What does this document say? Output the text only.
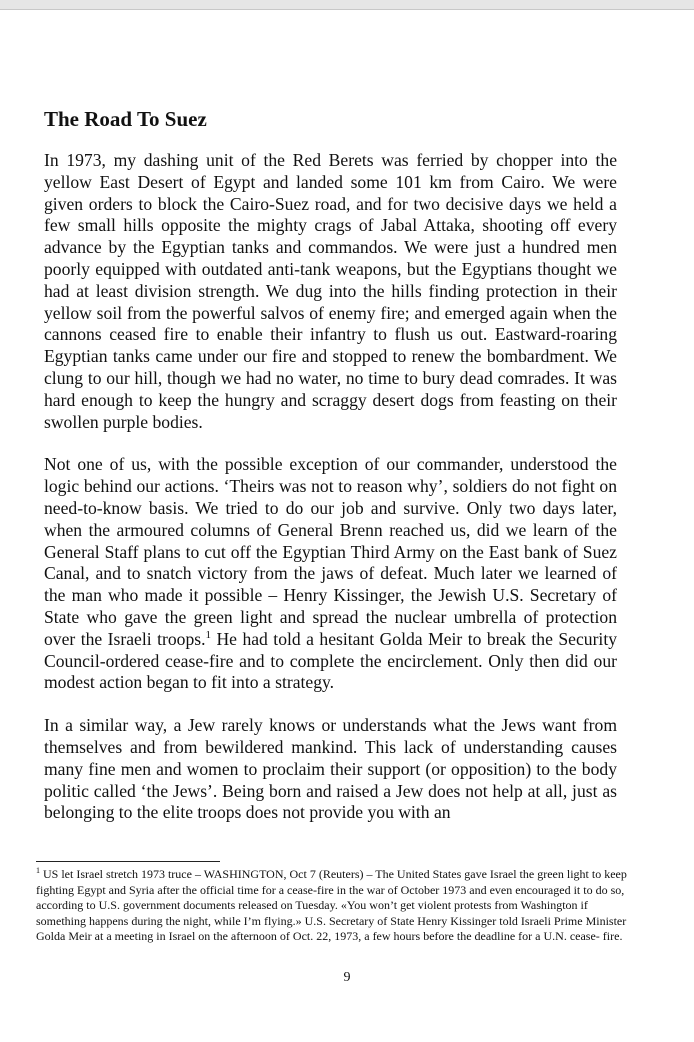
The Road To Suez

In 1973, my dashing unit of the Red Berets was ferried by chopper into the yellow East Desert of Egypt and landed some 101 km from Cairo. We were given orders to block the Cairo-Suez road, and for two decisive days we held a few small hills opposite the mighty crags of Jabal Attaka, shooting off every advance by the Egyptian tanks and commandos. We were just a hundred men poorly equipped with outdated anti-tank weapons, but the Egyptians thought we had at least division strength. We dug into the hills finding protection in their yellow soil from the powerful salvos of enemy fire; and emerged again when the cannons ceased fire to enable their infantry to flush us out. Eastward-roaring Egyptian tanks came under our fire and stopped to renew the bombardment. We clung to our hill, though we had no water, no time to bury dead comrades. It was hard enough to keep the hungry and scraggy desert dogs from feasting on their swollen purple bodies.

Not one of us, with the possible exception of our commander, understood the logic behind our actions. ‘Theirs was not to reason why’, soldiers do not fight on need-to-know basis. We tried to do our job and survive. Only two days later, when the armoured columns of General Brenn reached us, did we learn of the General Staff plans to cut off the Egyptian Third Army on the East bank of Suez Canal, and to snatch victory from the jaws of defeat. Much later we learned of the man who made it possible – Henry Kissinger, the Jewish U.S. Secretary of State who gave the green light and spread the nuclear umbrella of protection over the Israeli troops.$^1$ He had told a hesitant Golda Meir to break the Security Council-ordered cease-fire and to complete the encirclement. Only then did our modest action began to fit into a strategy.

In a similar way, a Jew rarely knows or understands what the Jews want from themselves and from bewildered mankind. This lack of understanding causes many fine men and women to proclaim their support (or opposition) to the body politic called ‘the Jews’. Being born and raised a Jew does not help at all, just as belonging to the elite troops does not provide you with an

$^1$ US let Israel stretch 1973 truce – WASHINGTON, Oct 7 (Reuters) – The United States gave Israel the green light to keep fighting Egypt and Syria after the official time for a cease-fire in the war of October 1973 and even encouraged it to do so, according to U.S. government documents released on Tuesday. «You won’t get violent protests from Washington if something happens during the night, while I’m flying.» U.S. Secretary of State Henry Kissinger told Israeli Prime Minister Golda Meir at a meeting in Israel on the afternoon of Oct. 22, 1973, a few hours before the deadline for a U.N. cease- fire.

9
